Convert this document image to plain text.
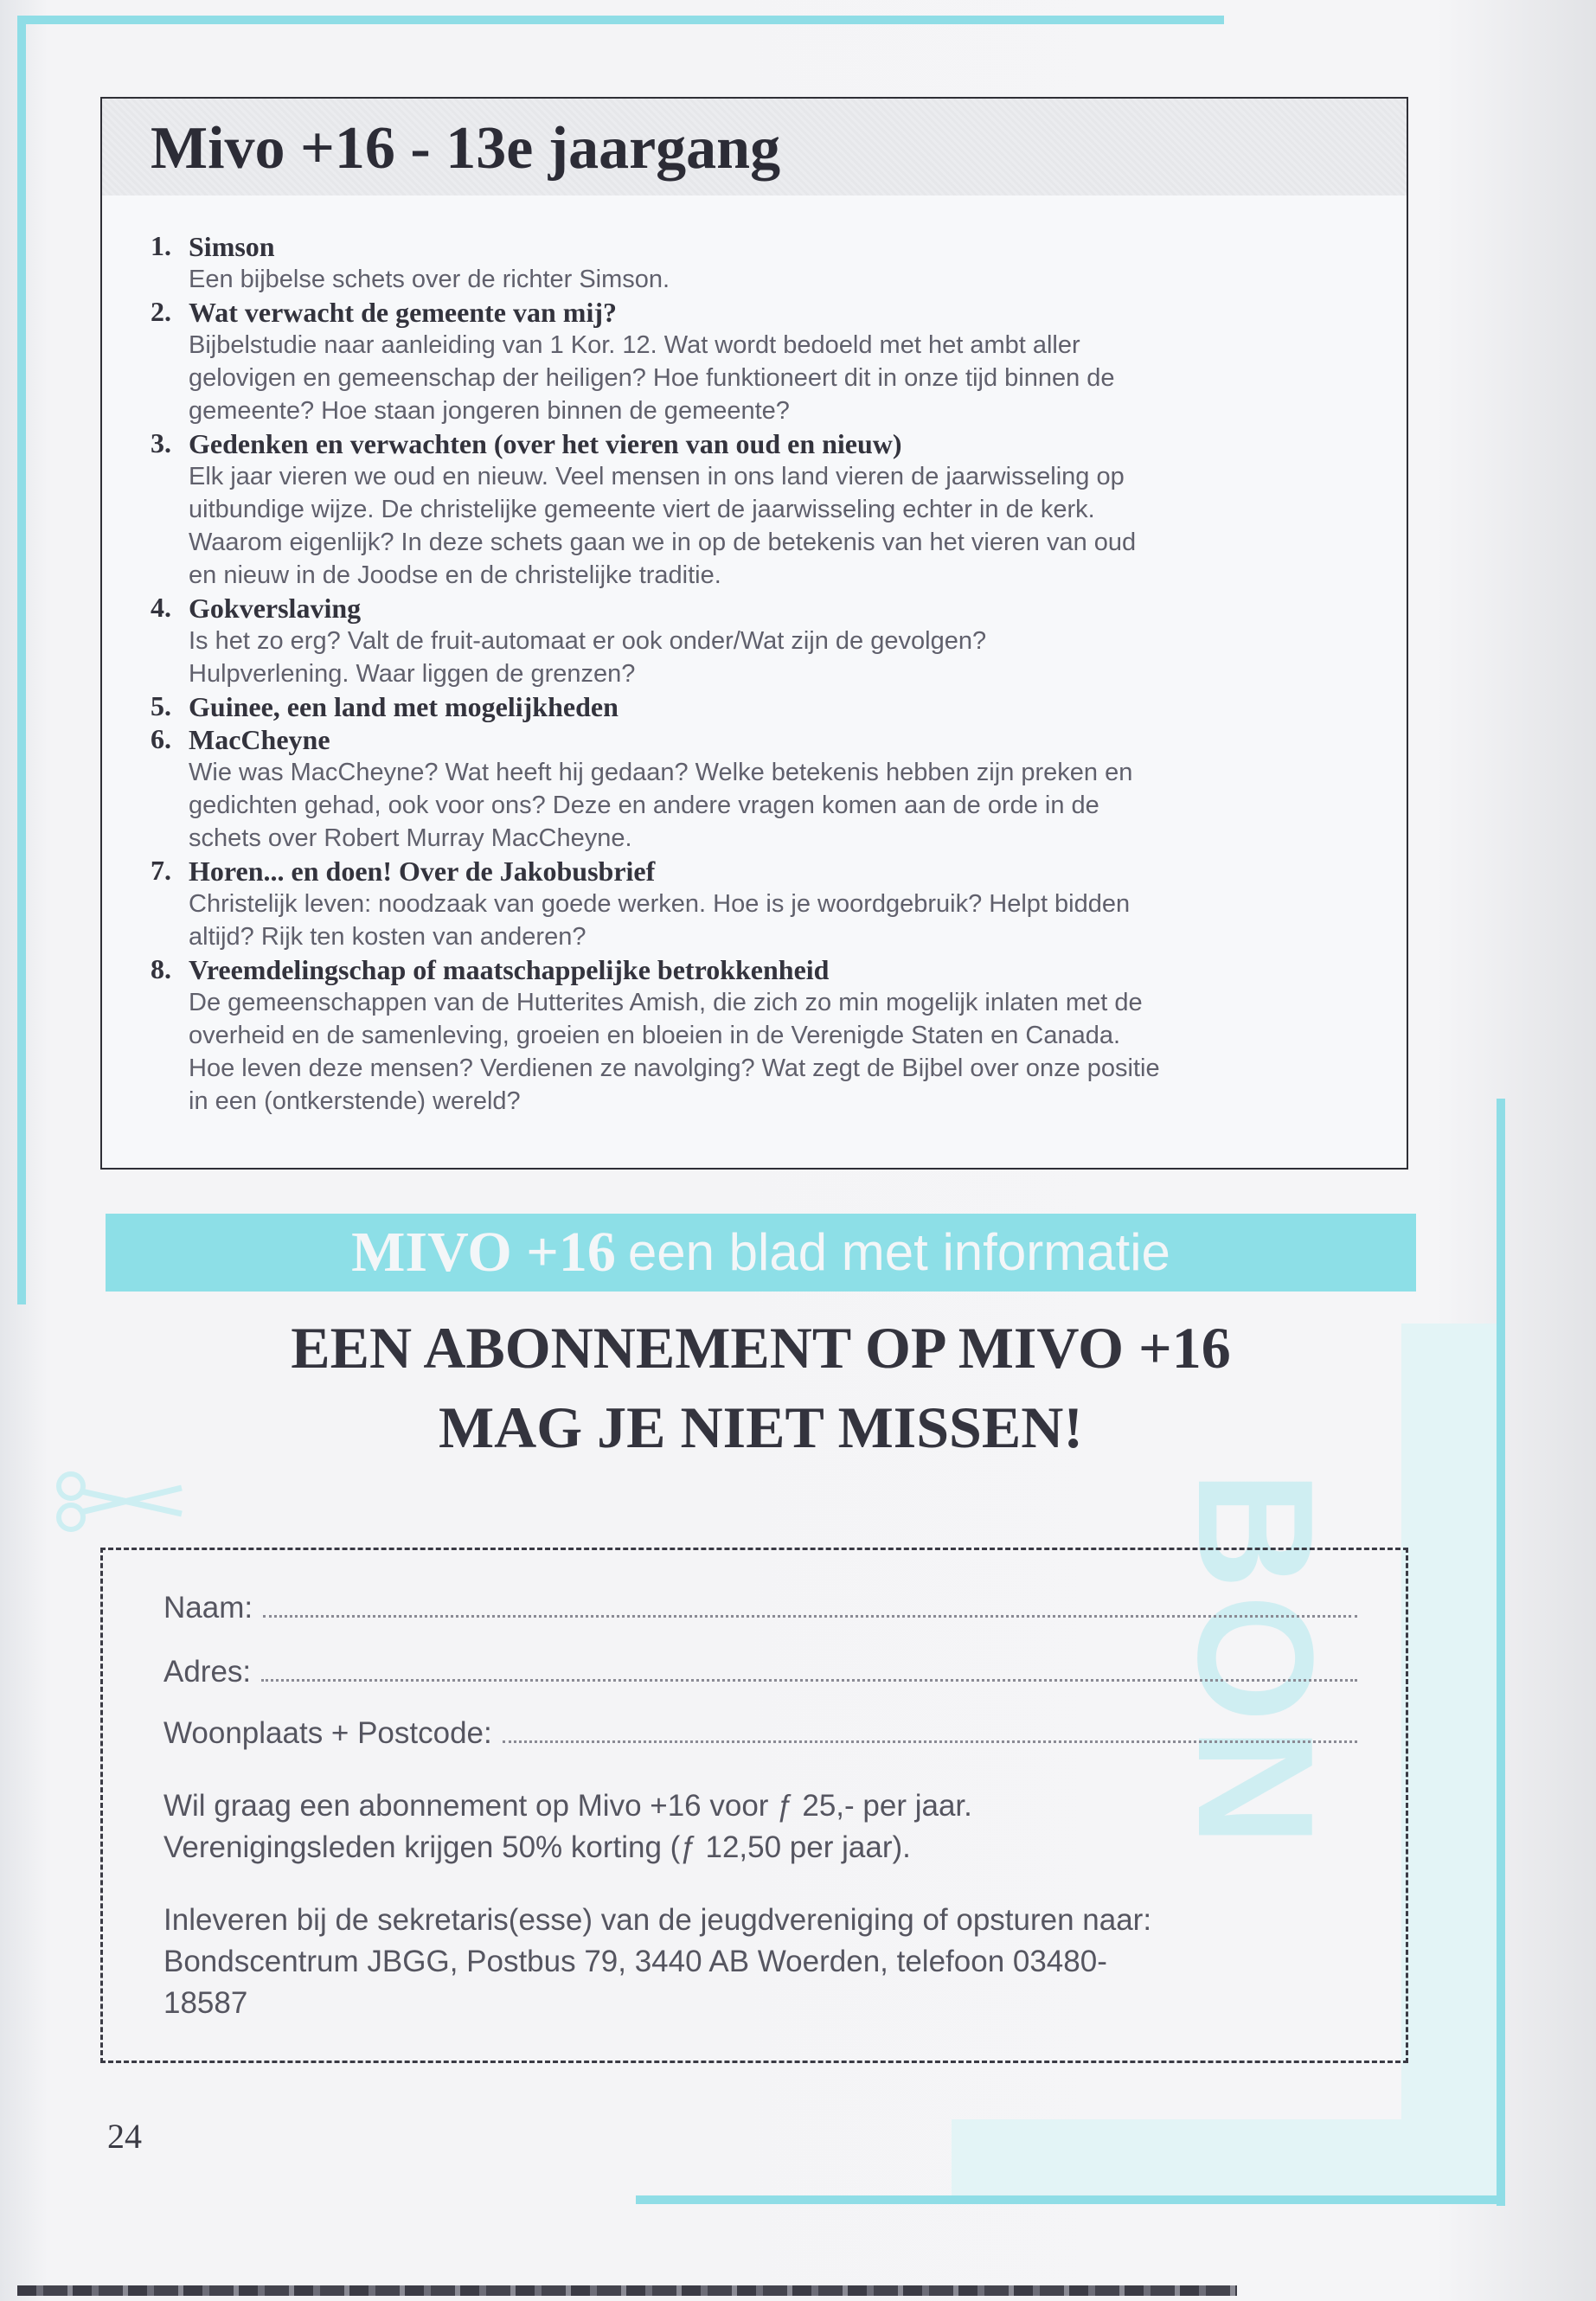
BON
Mivo +16 - 13e jaargang
1. Simson
Een bijbelse schets over de richter Simson.
2. Wat verwacht de gemeente van mij?
Bijbelstudie naar aanleiding van 1 Kor. 12. Wat wordt bedoeld met het ambt aller
gelovigen en gemeenschap der heiligen? Hoe funktioneert dit in onze tijd binnen de
gemeente? Hoe staan jongeren binnen de gemeente?
3. Gedenken en verwachten (over het vieren van oud en nieuw)
Elk jaar vieren we oud en nieuw. Veel mensen in ons land vieren de jaarwisseling op
uitbundige wijze. De christelijke gemeente viert de jaarwisseling echter in de kerk.
Waarom eigenlijk? In deze schets gaan we in op de betekenis van het vieren van oud
en nieuw in de Joodse en de christelijke traditie.
4. Gokverslaving
Is het zo erg? Valt de fruit-automaat er ook onder/Wat zijn de gevolgen?
Hulpverlening. Waar liggen de grenzen?
5. Guinee, een land met mogelijkheden
6. MacCheyne
Wie was MacCheyne? Wat heeft hij gedaan? Welke betekenis hebben zijn preken en
gedichten gehad, ook voor ons? Deze en andere vragen komen aan de orde in de
schets over Robert Murray MacCheyne.
7. Horen... en doen! Over de Jakobusbrief
Christelijk leven: noodzaak van goede werken. Hoe is je woordgebruik? Helpt bidden
altijd? Rijk ten kosten van anderen?
8. Vreemdelingschap of maatschappelijke betrokkenheid
De gemeenschappen van de Hutterites Amish, die zich zo min mogelijk inlaten met de
overheid en de samenleving, groeien en bloeien in de Verenigde Staten en Canada.
Hoe leven deze mensen? Verdienen ze navolging? Wat zegt de Bijbel over onze positie
in een (ontkerstende) wereld?
MIVO +16 een blad met informatie
EEN ABONNEMENT OP MIVO +16
MAG JE NIET MISSEN!
Naam:
Adres:
Woonplaats + Postcode:
Wil graag een abonnement op Mivo +16 voor ƒ 25,- per jaar.
Verenigingsleden krijgen 50% korting (ƒ 12,50 per jaar).
Inleveren bij de sekretaris(esse) van de jeugdvereniging of opsturen naar:
Bondscentrum JBGG, Postbus 79, 3440 AB Woerden, telefoon 03480-
18587
24
